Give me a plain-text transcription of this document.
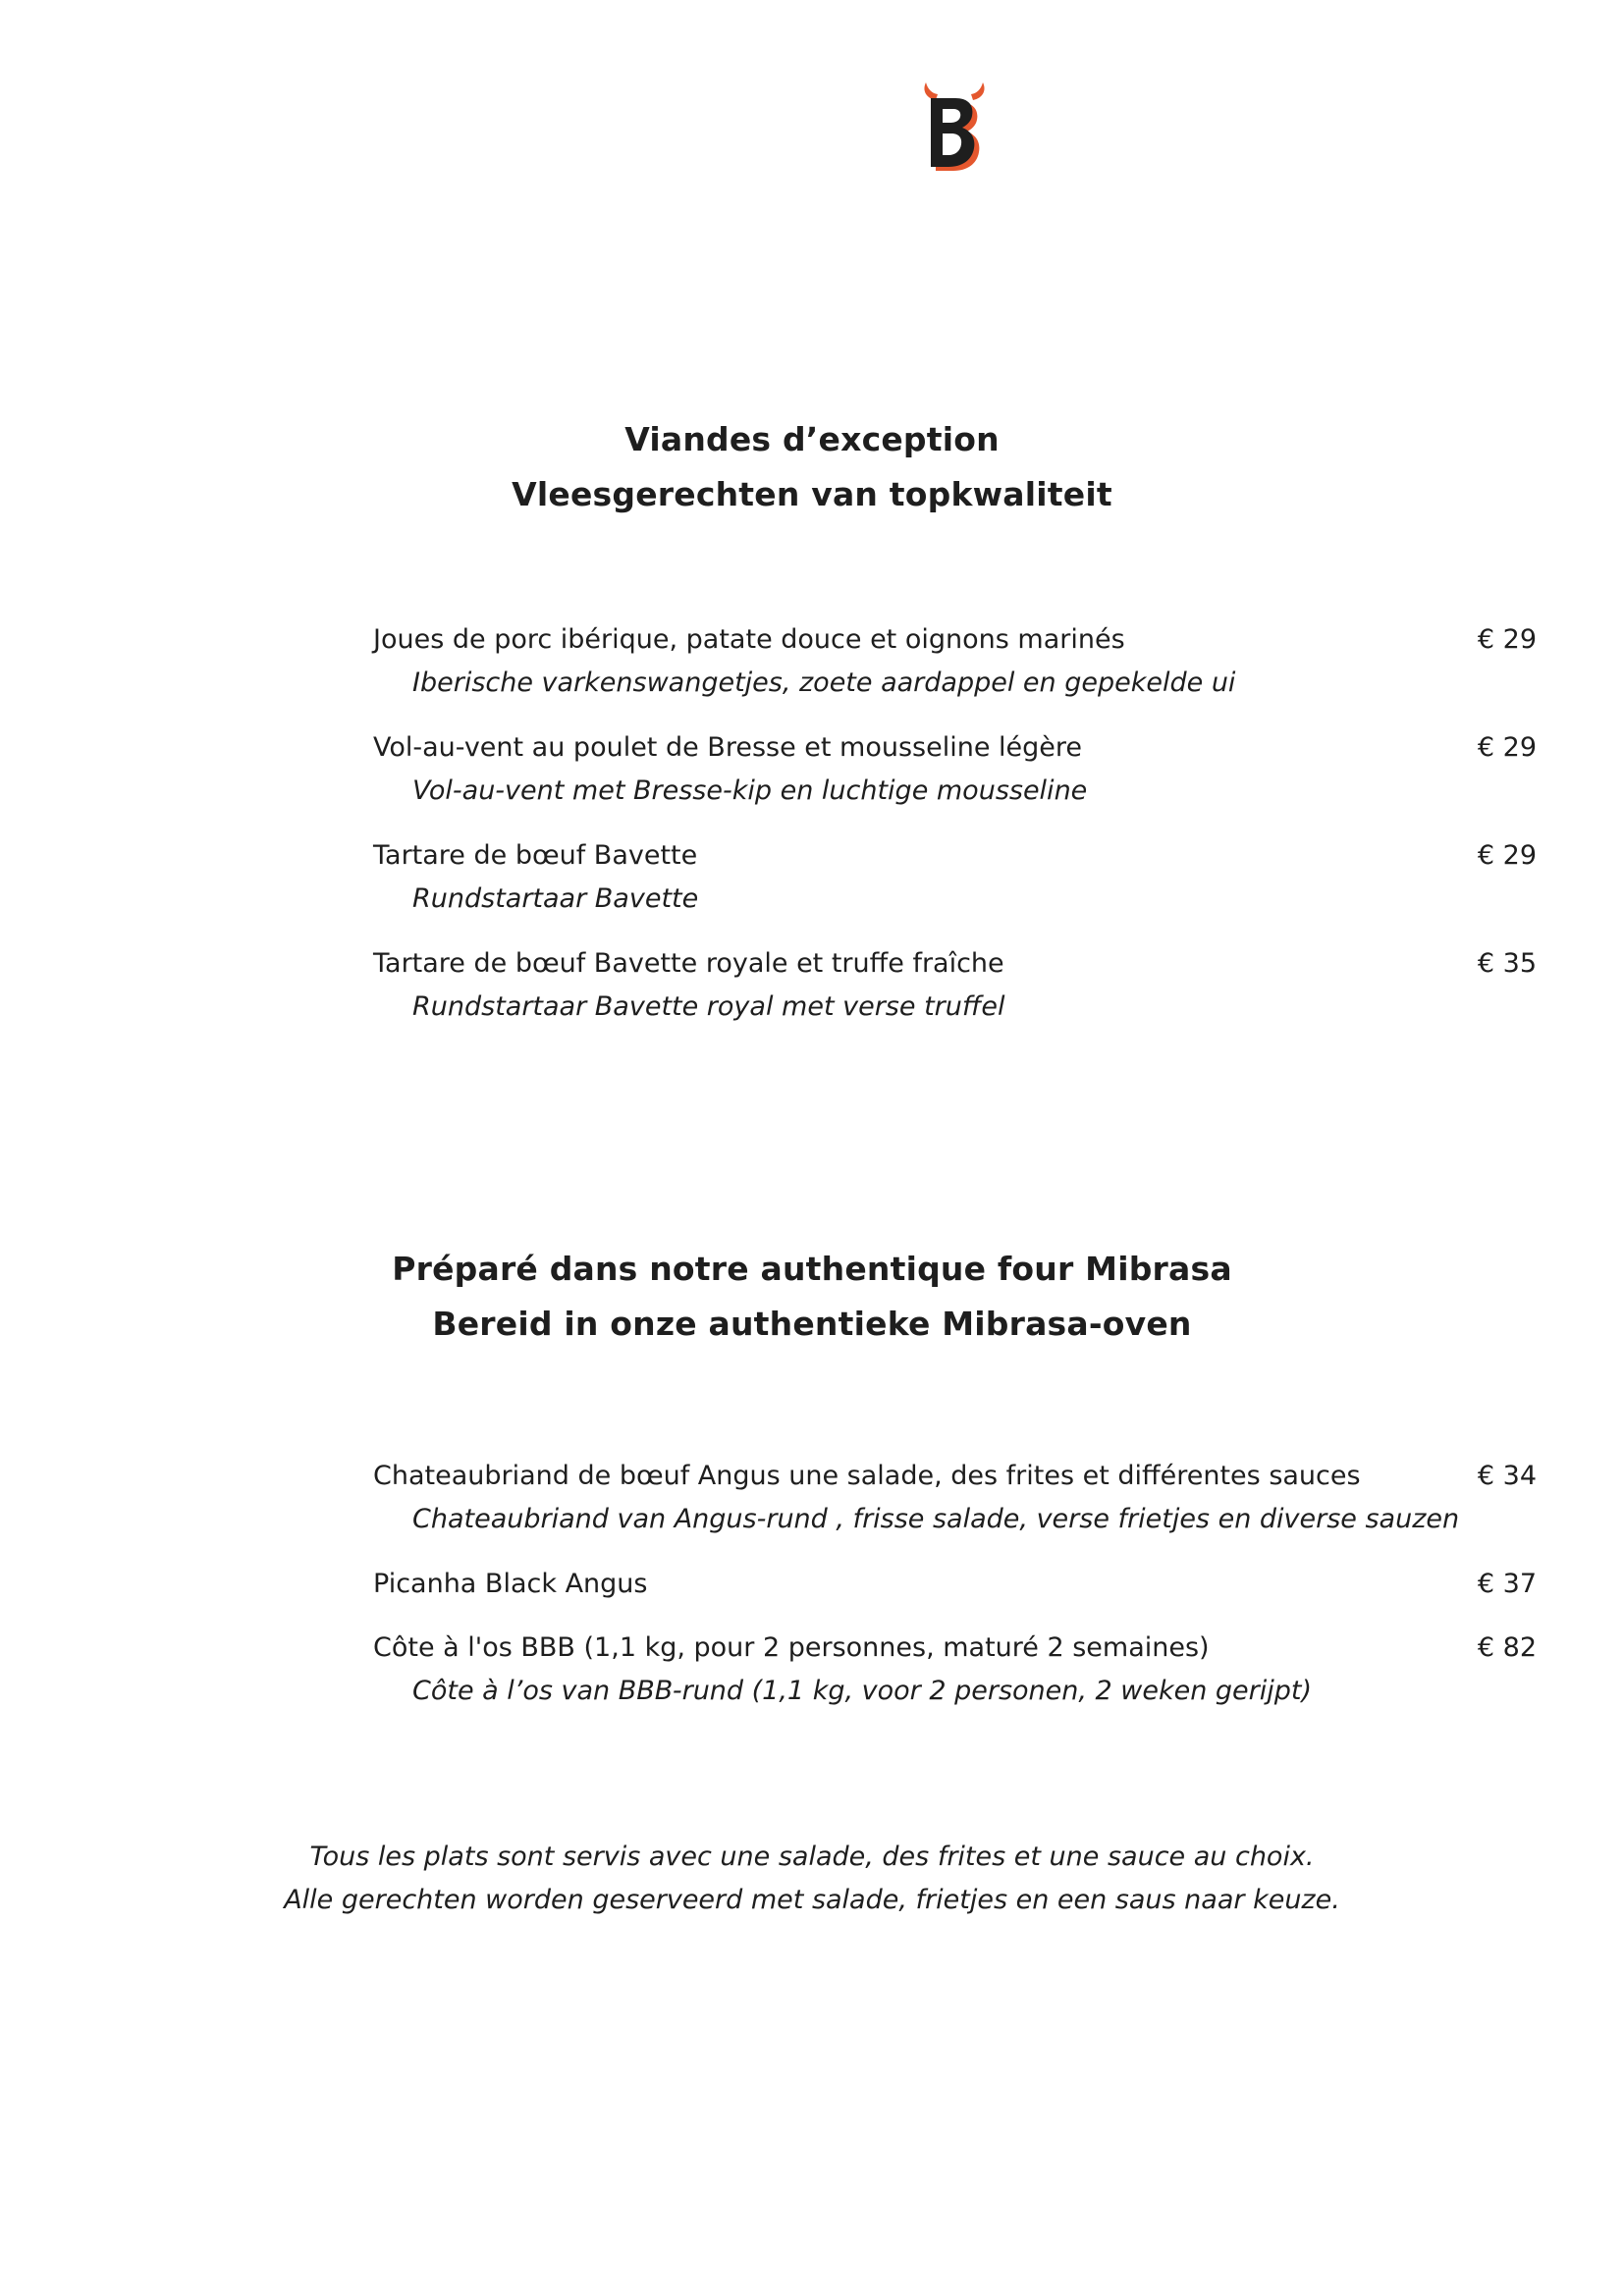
Viandes d’exception
Vleesgerechten van topkwaliteit
Joues de porc ibérique, patate douce et oignons marinés	€ 29
Iberische varkenswangetjes, zoete aardappel en gepekelde ui
Vol-au-vent au poulet de Bresse et mousseline légère	€ 29
Vol-au-vent met Bresse-kip en luchtige mousseline
Tartare de bœuf Bavette	€ 29
Rundstartaar Bavette
Tartare de bœuf Bavette royale et truffe fraîche	€ 35
Rundstartaar Bavette royal met verse truffel
Préparé dans notre authentique four Mibrasa
Bereid in onze authentieke Mibrasa-oven
Chateaubriand de bœuf Angus une salade, des frites et différentes sauces	€ 34
Chateaubriand van Angus-rund , frisse salade, verse frietjes en diverse sauzen
Picanha Black Angus	€ 37
Côte à l'os BBB (1,1 kg, pour 2 personnes, maturé 2 semaines)	€ 82
Côte à l’os van BBB-rund (1,1 kg, voor 2 personen, 2 weken gerijpt)
Tous les plats sont servis avec une salade, des frites et une sauce au choix.
Alle gerechten worden geserveerd met salade, frietjes en een saus naar keuze.
